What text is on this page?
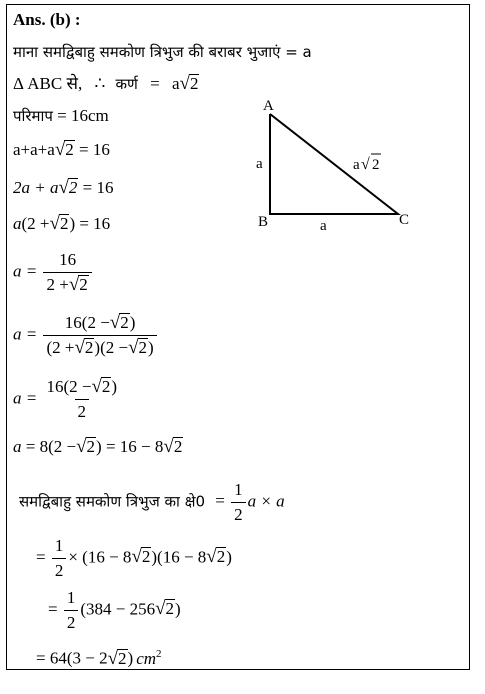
Ans. (b) :
माना समद्विबाहु समकोण त्रिभुज की बराबर भुजाएं = a
Δ ABC से, ∴ कर्ण = a √ 2
परिमाप = 16cm
a+a+a √ 2 = 16
2a + a √ 2 = 16
a(2 + √ 2 ) = 16
$a = \frac{16}{2 + √ 2}$
$a = \frac{16(2 - √ 2 )}{(2 + √ 2 )(2 - √ 2 )}$
$a = \frac{16(2 - √ 2 )}{2}$
a = 8(2 − √ 2 ) = 16 − 8 √ 2
समद्विबाहु समकोण त्रिभुज का क्षे0 = $\frac{1}{2}$ a × a
= $\frac{1}{2} \times (16 - 8$ √ 2 )(16 − 8 √ 2 )
= $\frac{1}{2} (384 - 256$ √ 2 )
= 64(3 − 2 √ 2 ) $cm^2$
A
B	C
a
a
a √ 2
